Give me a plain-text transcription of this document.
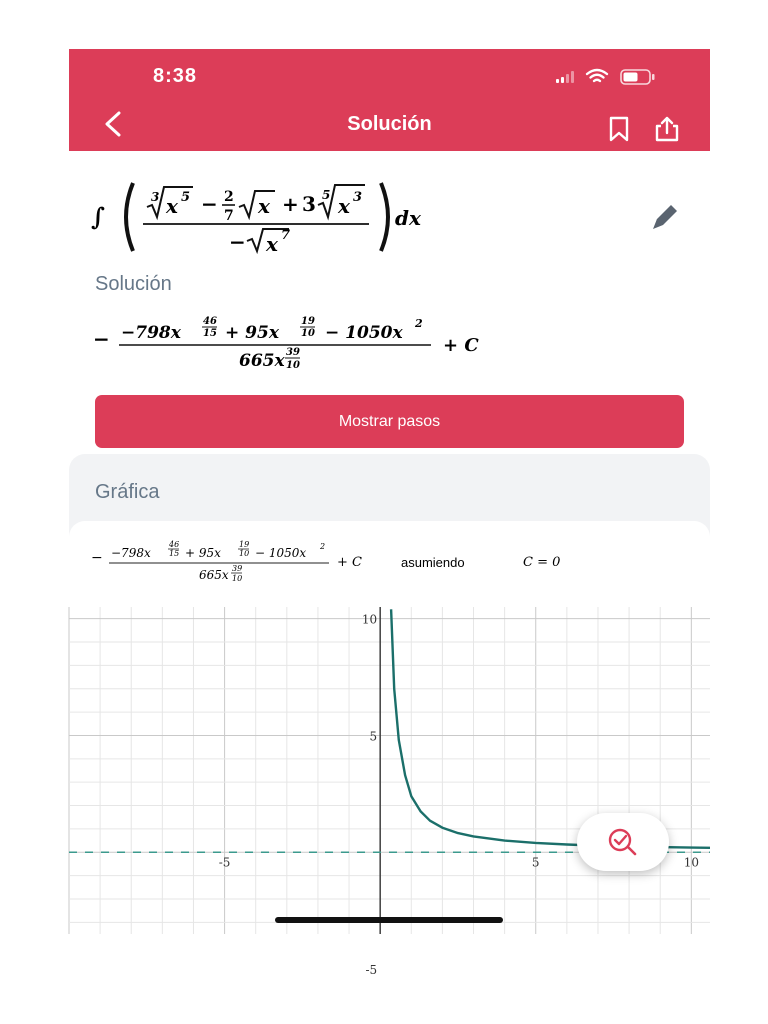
8:38
Solución
∫
3 x 5 − 2
7 x + 3 5 x 3
− x 7
dx
Solución
− −798x
46
15 + 95x
19
10 − 1050x 2
665x 39
10
+ C
Mostrar pasos
Gráfica
− −798x
46
15 + 95x
19
10 − 1050x 2
665x 39
10
+ C	asumiendo	C = 0
-5	5	10
10
5
-5
